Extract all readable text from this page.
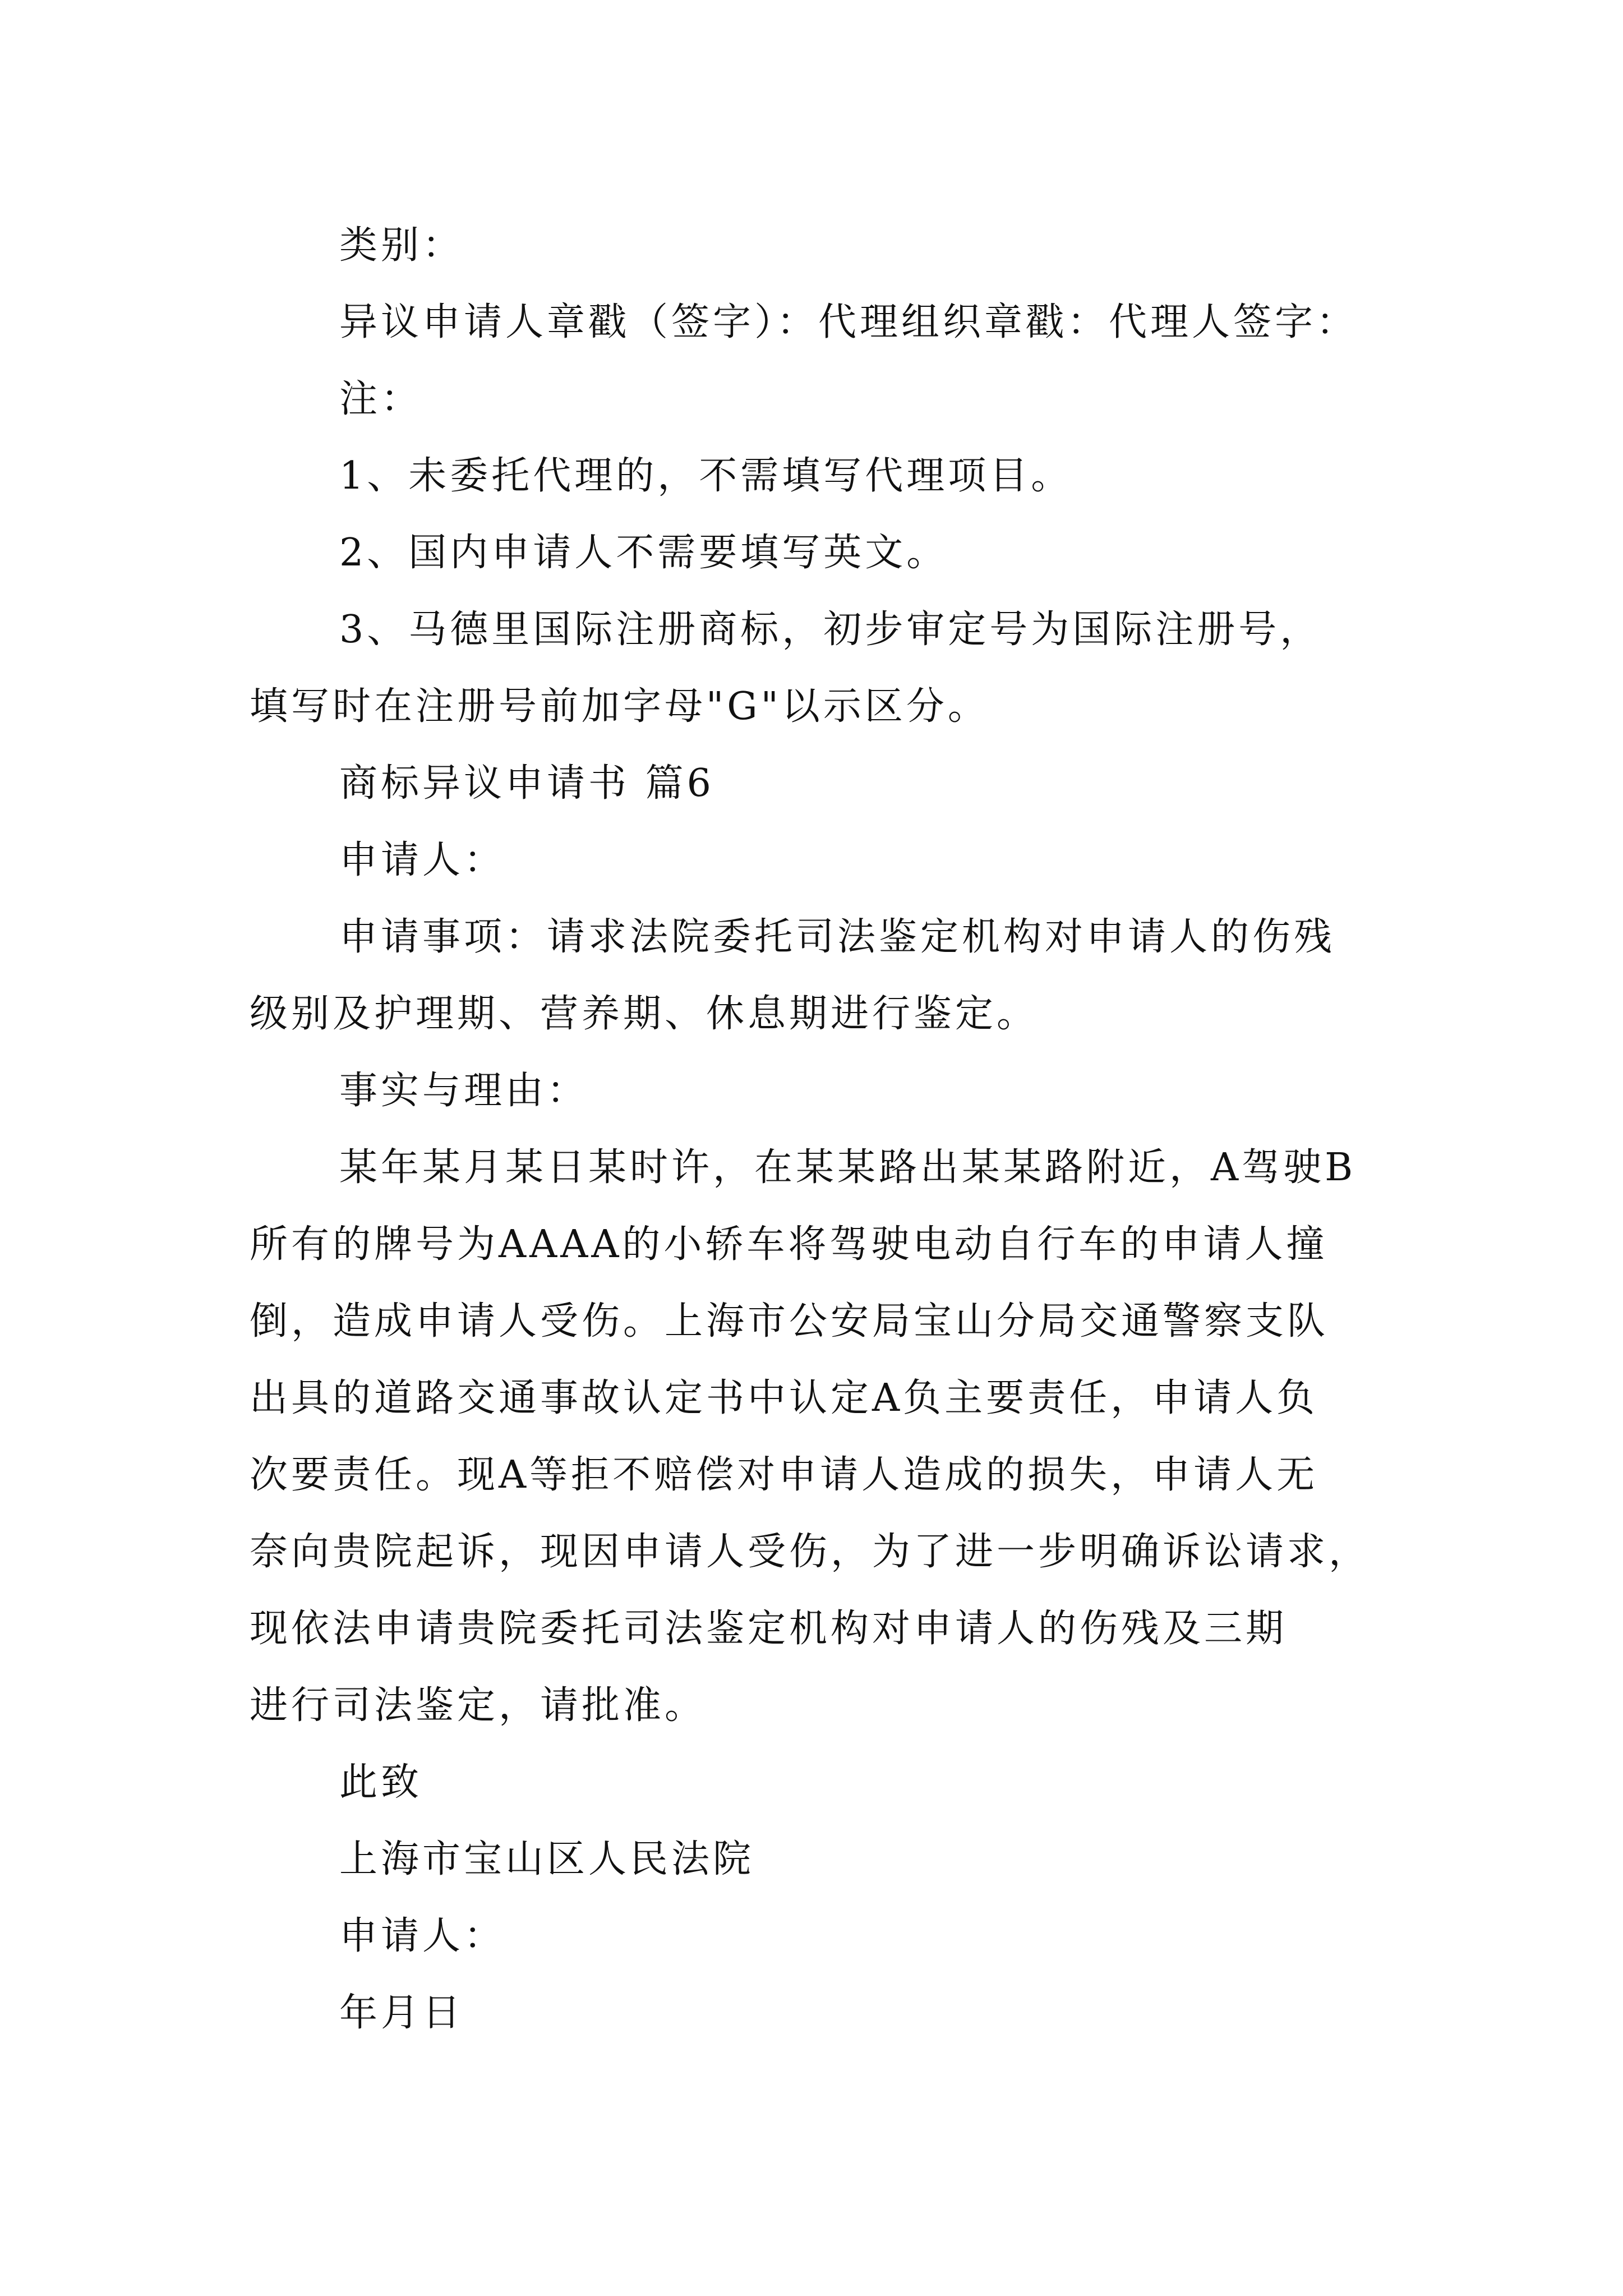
类别：

异议申请人章戳（签字）：代理组织章戳：代理人签字：

注：

1、未委托代理的，不需填写代理项目。

2、国内申请人不需要填写英文。

3、马德里国际注册商标，初步审定号为国际注册号，

填写时在注册号前加字母"G"以示区分。

商标异议申请书 篇6

申请人：

申请事项：请求法院委托司法鉴定机构对申请人的伤残

级别及护理期、营养期、休息期进行鉴定。

事实与理由：

某年某月某日某时许，在某某路出某某路附近，A驾驶B

所有的牌号为AAAA的小轿车将驾驶电动自行车的申请人撞

倒，造成申请人受伤。上海市公安局宝山分局交通警察支队

出具的道路交通事故认定书中认定A负主要责任，申请人负

次要责任。现A等拒不赔偿对申请人造成的损失，申请人无

奈向贵院起诉，现因申请人受伤，为了进一步明确诉讼请求，

现依法申请贵院委托司法鉴定机构对申请人的伤残及三期

进行司法鉴定，请批准。

此致

上海市宝山区人民法院

申请人：

年月日
